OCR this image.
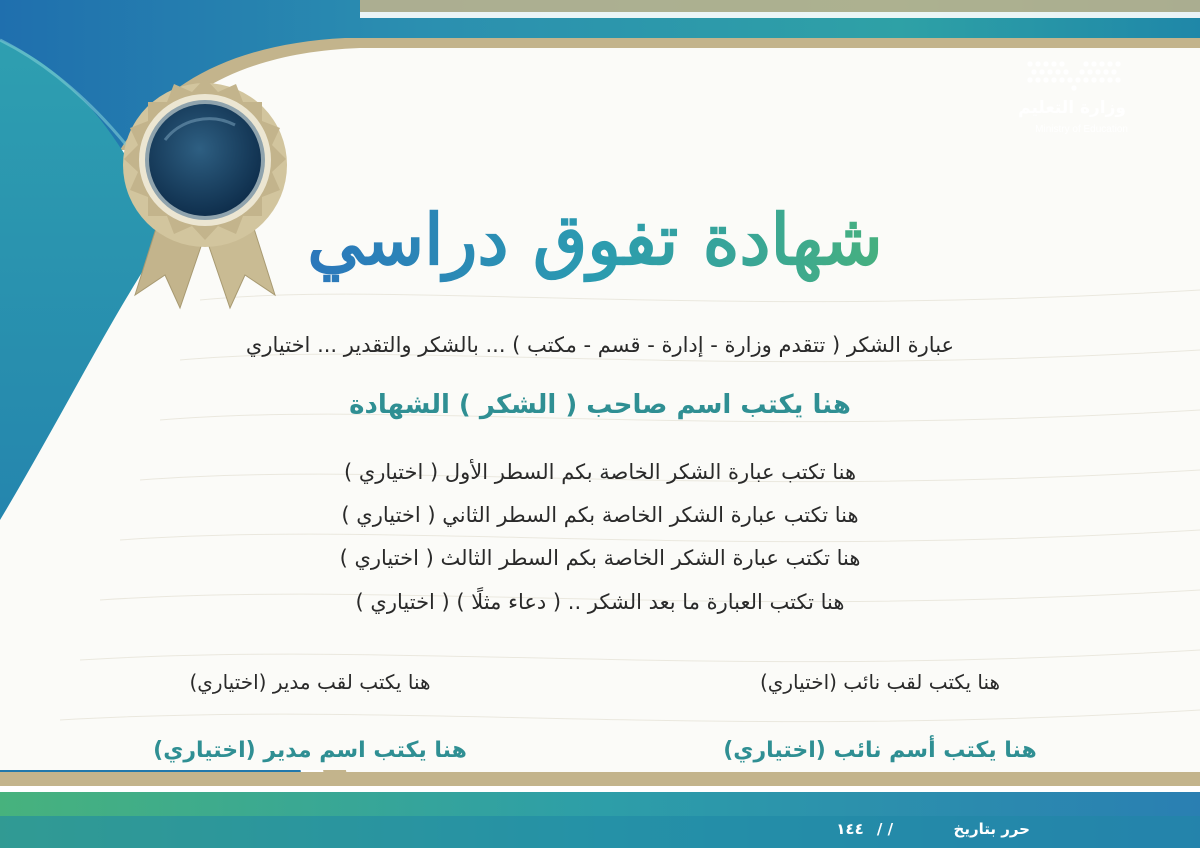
وزارة التعليم
Ministry of Education
شهادة تفوق دراسي
عبارة الشكر ( تتقدم وزارة - إدارة - قسم - مكتب ) ... بالشكر والتقدير ... اختياري
هنا يكتب اسم صاحب ( الشكر ) الشهادة
هنا تكتب عبارة الشكر الخاصة بكم السطر الأول ( اختياري )
هنا تكتب عبارة الشكر الخاصة بكم السطر الثاني ( اختياري )
هنا تكتب عبارة الشكر الخاصة بكم السطر الثالث ( اختياري )
هنا تكتب العبارة ما بعد الشكر .. ( دعاء مثلًا ) ( اختياري )
هنا يكتب لقب نائب (اختياري)
هنا يكتب أسم نائب (اختياري)
هنا يكتب لقب مدير (اختياري)
هنا يكتب اسم مدير (اختياري)
حرر بتاريخ
/ /
١٤٤
